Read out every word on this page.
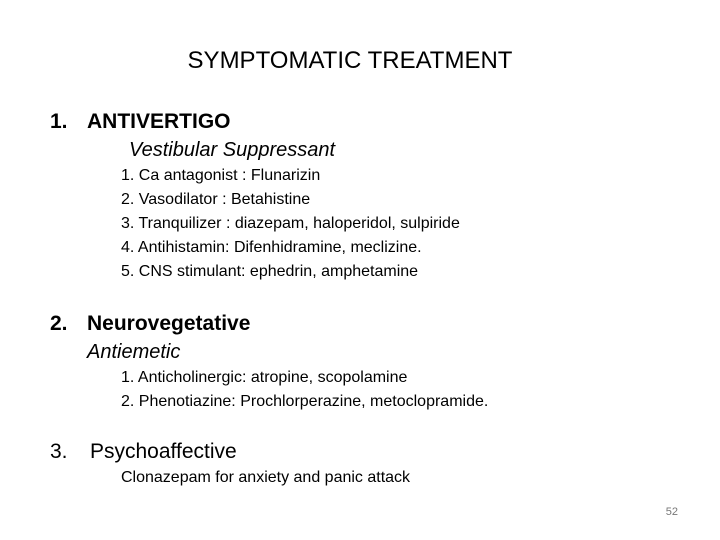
SYMPTOMATIC TREATMENT
1. ANTIVERTIGO
Vestibular Suppressant
1. Ca antagonist : Flunarizin
2. Vasodilator : Betahistine
3. Tranquilizer : diazepam, haloperidol, sulpiride
4. Antihistamin: Difenhidramine, meclizine.
5. CNS stimulant: ephedrin, amphetamine
2. Neurovegetative
Antiemetic
1. Anticholinergic: atropine, scopolamine
2. Phenotiazine: Prochlorperazine, metoclopramide.
3. Psychoaffective
Clonazepam for anxiety and panic attack
52
